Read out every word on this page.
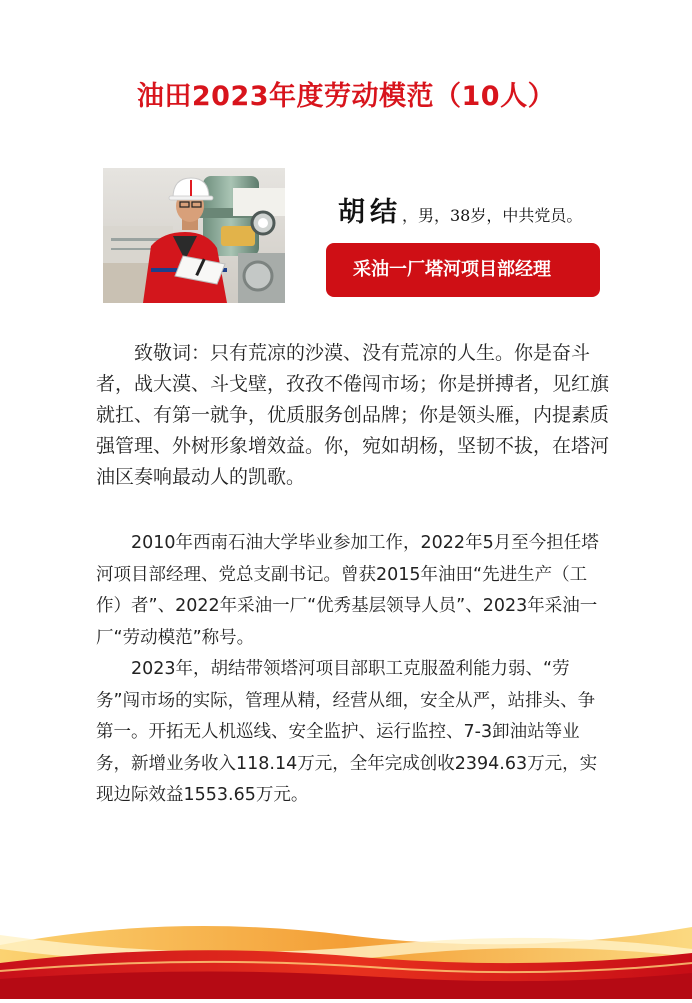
油田2023年度劳动模范（10人）
胡结，男，38岁，中共党员。
采油一厂塔河项目部经理

致敬词：只有荒凉的沙漠、没有荒凉的人生。你是奋斗者，战大漠、斗戈壁，孜孜不倦闯市场；你是拼搏者，见红旗就扛、有第一就争，优质服务创品牌；你是领头雁，内提素质强管理、外树形象增效益。你，宛如胡杨，坚韧不拔，在塔河油区奏响最动人的凯歌。

2010年西南石油大学毕业参加工作，2022年5月至今担任塔河项目部经理、党总支副书记。曾获2015年油田“先进生产（工作）者”、2022年采油一厂“优秀基层领导人员”、2023年采油一厂“劳动模范”称号。

2023年，胡结带领塔河项目部职工克服盈利能力弱、“劳务”闯市场的实际，管理从精，经营从细，安全从严，站排头、争第一。开拓无人机巡线、安全监护、运行监控、7-3卸油站等业务，新增业务收入118.14万元，全年完成创收2394.63万元，实现边际效益1553.65万元。
